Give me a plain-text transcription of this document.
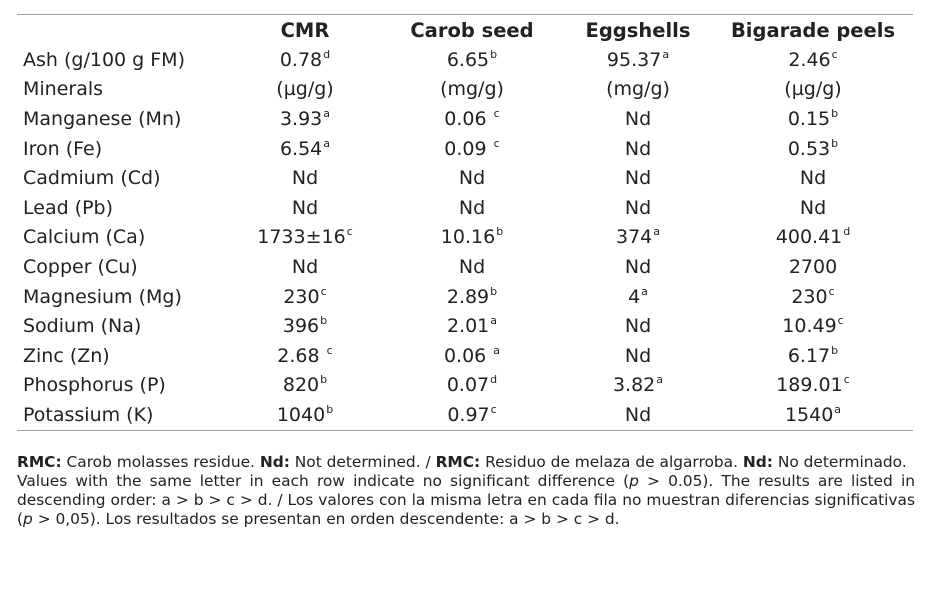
	CMR	Carob seed	Eggshells	Bigarade peels
Ash (g/100 g FM)	0.78$^d$	6.65$^b$	95.37$^a$	2.46$^c$
Minerals	(µg/g)	(mg/g)	(mg/g)	(µg/g)
Manganese (Mn)	3.93$^a$	0.06 $^c$	Nd	0.15$^b$
Iron (Fe)	6.54$^a$	0.09 $^c$	Nd	0.53$^b$
Cadmium (Cd)	Nd	Nd	Nd	Nd
Lead (Pb)	Nd	Nd	Nd	Nd
Calcium (Ca)	$1733\pm 16^c$	10.16$^b$	374$^a$	400.41$^d$
Copper (Cu)	Nd	Nd	Nd	2700
Magnesium (Mg)	230$^c$	2.89$^b$	4$^a$	230$^c$
Sodium (Na)	396$^b$	2.01$^a$	Nd	10.49$^c$
Zinc (Zn)	2.68 $^c$	0.06 $^a$	Nd	6.17$^b$
Phosphorus (P)	820$^b$	0.07$^d$	3.82$^a$	189.01$^c$
Potassium (K)	1040$^b$	0.97$^c$	Nd	1540$^a$

RMC: Carob molasses residue. Nd: Not determined. / RMC: Residuo de melaza de algarroba. Nd: No determinado.

Values with the same letter in each row indicate no significant difference (p > 0.05). The results are listed in descending order: a > b > c > d. / Los valores con la misma letra en cada fila no muestran diferencias significativas (p > 0,05). Los resultados se presentan en orden descendente: a > b > c > d.
